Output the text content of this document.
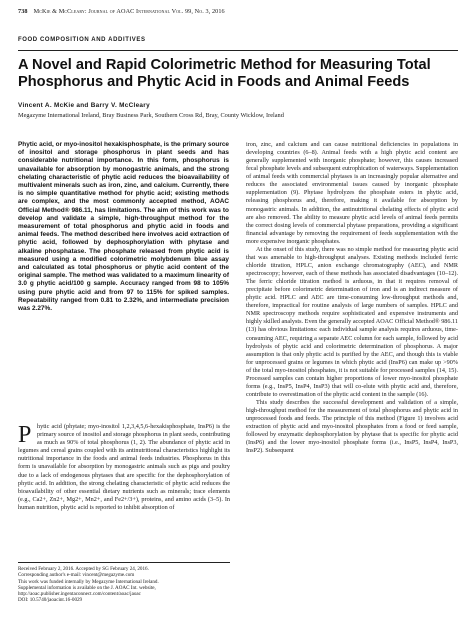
738 McKie & McCleary: Journal of AOAC International Vol. 99, No. 3, 2016
FOOD COMPOSITION AND ADDITIVES
A Novel and Rapid Colorimetric Method for Measuring Total Phosphorus and Phytic Acid in Foods and Animal Feeds
Vincent A. McKie and Barry V. McCleary
Megazyme International Ireland, Bray Business Park, Southern Cross Rd, Bray, County Wicklow, Ireland
Phytic acid, or myo-inositol hexakisphosphate, is the primary source of inositol and storage phosphorus in plant seeds and has considerable nutritional importance. In this form, phosphorus is unavailable for absorption by monogastric animals, and the strong chelating characteristic of phytic acid reduces the bioavailability of multivalent minerals such as iron, zinc, and calcium. Currently, there is no simple quantitative method for phytic acid; existing methods are complex, and the most commonly accepted method, AOAC Official Method® 986.11, has limitations. The aim of this work was to develop and validate a simple, high-throughput method for the measurement of total phosphorus and phytic acid in foods and animal feeds. The method described here involves acid extraction of phytic acid, followed by dephosphorylation with phytase and alkaline phosphatase. The phosphate released from phytic acid is measured using a modified colorimetric molybdenum blue assay and calculated as total phosphorus or phytic acid content of the original sample. The method was validated to a maximum linearity of 3.0 g phytic acid/100 g sample. Accuracy ranged from 98 to 105% using pure phytic acid and from 97 to 115% for spiked samples. Repeatability ranged from 0.81 to 2.32%, and intermediate precision was 2.27%.

Phytic acid (phytate; myo-inositol 1,2,3,4,5,6-hexakisphosphate, InsP6) is the primary source of inositol and storage phosphorus in plant seeds, contributing as much as 90% of total phosphorus (1, 2). The abundance of phytic acid in legumes and cereal grains coupled with its antinutritional characteristics highlight its nutritional importance in the foods and animal feeds industries. Phosphorus in this form is unavailable for absorption by monogastric animals such as pigs and poultry due to a lack of endogenous phytases that are specific for the dephosphorylation of phytic acid. In addition, the strong chelating characteristic of phytic acid reduces the bioavailability of other essential dietary nutrients such as minerals; trace elements (e.g., Ca2+, Zn2+, Mg2+, Mn2+, and Fe2+/3+), proteins, and amino acids (3–5). In human nutrition, phytic acid is reported to inhibit absorption of

Received February 2, 2016. Accepted by SG February 24, 2016.
Corresponding author's e-mail: vincent@megazyme.com
This work was funded internally by Megazyme International Ireland.
Supplemental information is available on the J. AOAC Int. website, http://aoac.publisher.ingentaconnect.com/content/aoac/jaoac
DOI: 10.5740/jaoacint.16-0029

iron, zinc, and calcium and can cause nutritional deficiencies in populations in developing countries (6–8). Animal feeds with a high phytic acid content are generally supplemented with inorganic phosphate; however, this causes increased fecal phosphate levels and subsequent eutrophication of waterways. Supplementation of animal feeds with commercial phytases is an increasingly popular alternative and reduces the associated environmental issues caused by inorganic phosphate supplementation (9). Phytase hydrolyzes the phosphate esters in phytic acid, releasing phosphorus and, therefore, making it available for absorption by monogastric animals. In addition, the antinutritional chelating effects of phytic acid are also removed. The ability to measure phytic acid levels of animal feeds permits the correct dosing levels of commercial phytase preparations, providing a significant financial advantage by removing the requirement of feeds supplementation with the more expensive inorganic phosphates.

At the onset of this study, there was no simple method for measuring phytic acid that was amenable to high-throughput analyses. Existing methods included ferric chloride titration, HPLC, anion exchange chromatography (AEC), and NMR spectroscopy; however, each of these methods has associated disadvantages (10–12). The ferric chloride titration method is arduous, in that it requires removal of precipitate before colorimetric determination of iron and is an indirect measure of phytic acid. HPLC and AEC are time-consuming low-throughput methods and, therefore, impractical for routine analysis of large numbers of samples. HPLC and NMR spectroscopy methods require sophisticated and expensive instruments and highly skilled analysts. Even the generally accepted AOAC Official Method® 986.11 (13) has obvious limitations: each individual sample analysis requires arduous, time-consuming AEC, requiring a separate AEC column for each sample, followed by acid hydrolysis of phytic acid and colorimetric determination of phosphorus. A major assumption is that only phytic acid is purified by the AEC, and though this is viable for unprocessed grains or legumes in which phytic acid (InsP6) can make up >90% of the total myo-inositol phosphates, it is not suitable for processed samples (14, 15). Processed samples can contain higher proportions of lower myo-inositol phosphate forms (e.g., InsP5, InsP4, InsP3) that will co-elute with phytic acid and, therefore, contribute to overestimation of the phytic acid content in the sample (16).

This study describes the successful development and validation of a simple, high-throughput method for the measurement of total phosphorus and phytic acid in unprocessed foods and feeds. The principle of this method (Figure 1) involves acid extraction of phytic acid and myo-inositol phosphates from a food or feed sample, followed by enzymatic dephosphorylation by phytase that is specific for phytic acid (InsP6) and the lower myo-inositol phosphate forms (i.e., InsP5, InsP4, InsP3, InsP2). Subsequent
